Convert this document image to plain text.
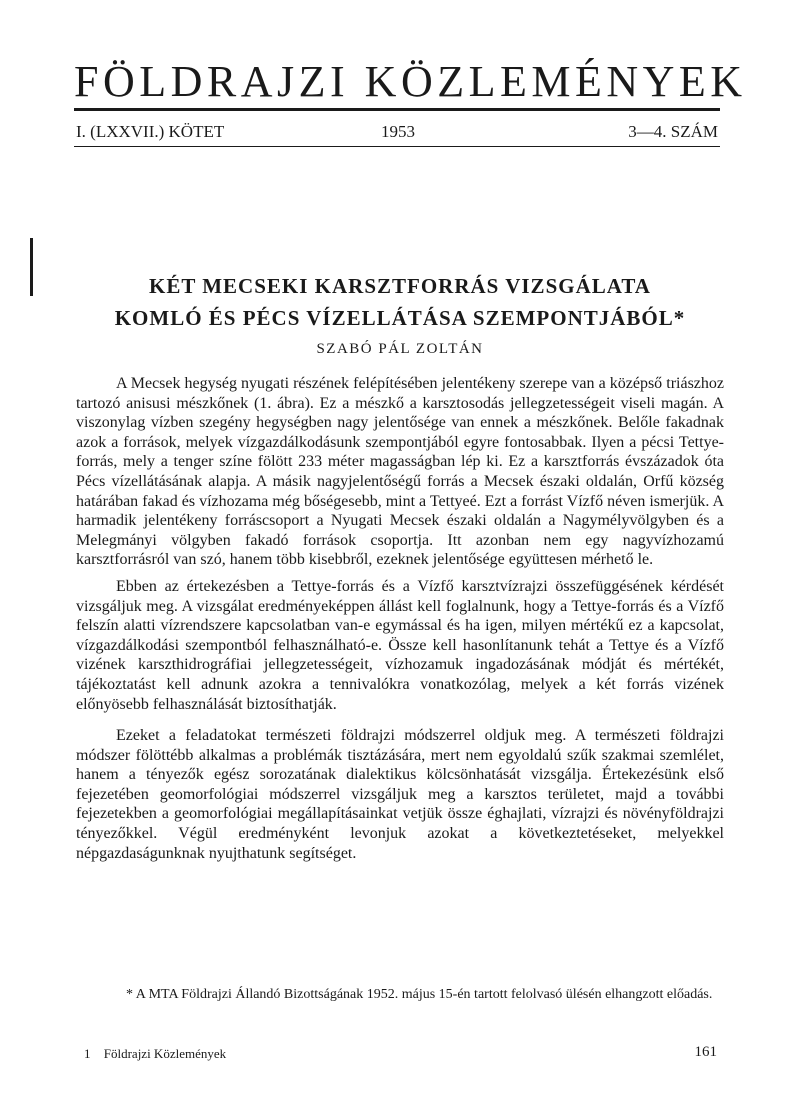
FÖLDRAJZI KÖZLEMÉNYEK
I. (LXXVII.) KÖTET	1953	3—4. SZÁM
KÉT MECSEKI KARSZTFORRÁS VIZSGÁLATA
KOMLÓ ÉS PÉCS VÍZELLÁTÁSA SZEMPONTJÁBÓL*
SZABÓ PÁL ZOLTÁN

A Mecsek hegység nyugati részének felépítésében jelentékeny szerepe van a középső triászhoz tartozó anisusi mészkőnek (1. ábra). Ez a mészkő a karsztosodás jellegzetességeit viseli magán. A viszonylag vízben szegény hegységben nagy jelentősége van ennek a mészkőnek. Belőle fakadnak azok a források, melyek vízgazdálkodásunk szempontjából egyre fontosabbak. Ilyen a pécsi Tettye-forrás, mely a tenger színe fölött 233 méter magasságban lép ki. Ez a karsztforrás évszázadok óta Pécs vízellátásának alapja. A másik nagyjelentőségű forrás a Mecsek északi oldalán, Orfű község határában fakad és vízhozama még bőségesebb, mint a Tettyeé. Ezt a forrást Vízfő néven ismerjük. A harmadik jelentékeny forráscsoport a Nyugati Mecsek északi oldalán a Nagymélyvölgyben és a Melegmányi völgyben fakadó források csoportja. Itt azonban nem egy nagyvízhozamú karsztforrásról van szó, hanem több kisebbről, ezeknek jelentősége együttesen mérhető le.

Ebben az értekezésben a Tettye-forrás és a Vízfő karsztvízrajzi összefüggésének kérdését vizsgáljuk meg. A vizsgálat eredményeképpen állást kell foglalnunk, hogy a Tettye-forrás és a Vízfő felszín alatti vízrendszere kapcsolatban van-e egymással és ha igen, milyen mértékű ez a kapcsolat, vízgazdálkodási szempontból felhasználható-e. Össze kell hasonlítanunk tehát a Tettye és a Vízfő vizének karszthidrográfiai jellegzetességeit, vízhozamuk ingadozásának módját és mértékét, tájékoztatást kell adnunk azokra a tennivalókra vonatkozólag, melyek a két forrás vizének előnyösebb felhasználását biztosíthatják.

Ezeket a feladatokat természeti földrajzi módszerrel oldjuk meg. A természeti földrajzi módszer fölöttébb alkalmas a problémák tisztázására, mert nem egyoldalú szűk szakmai szemlélet, hanem a tényezők egész sorozatának dialektikus kölcsönhatását vizsgálja. Értekezésünk első fejezetében geomorfológiai módszerrel vizsgáljuk meg a karsztos területet, majd a további fejezetekben a geomorfológiai megállapításainkat vetjük össze éghajlati, vízrajzi és növényföldrajzi tényezőkkel. Végül eredményként levonjuk azokat a következtetéseket, melyekkel népgazdaságunknak nyujthatunk segítséget.

* A MTA Földrajzi Állandó Bizottságának 1952. május 15-én tartott felolvasó ülésén elhangzott előadás.
1 Földrajzi Közlemények	161
